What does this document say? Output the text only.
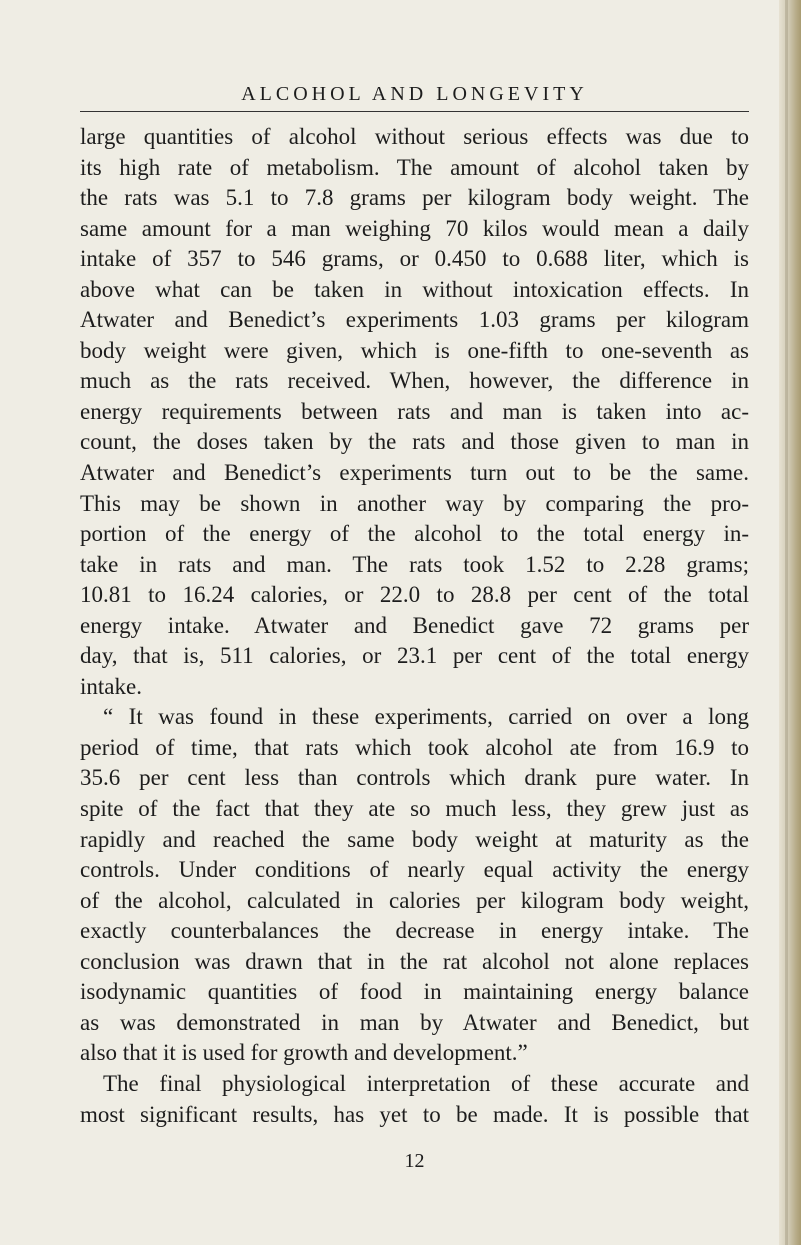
ALCOHOL AND LONGEVITY
large quantities of alcohol without serious effects was due to
its high rate of metabolism. The amount of alcohol taken by
the rats was 5.1 to 7.8 grams per kilogram body weight. The
same amount for a man weighing 70 kilos would mean a daily
intake of 357 to 546 grams, or 0.450 to 0.688 liter, which is
above what can be taken in without intoxication effects. In
Atwater and Benedict’s experiments 1.03 grams per kilogram
body weight were given, which is one-fifth to one-seventh as
much as the rats received. When, however, the difference in
energy requirements between rats and man is taken into ac-
count, the doses taken by the rats and those given to man in
Atwater and Benedict’s experiments turn out to be the same.
This may be shown in another way by comparing the pro-
portion of the energy of the alcohol to the total energy in-
take in rats and man. The rats took 1.52 to 2.28 grams;
10.81 to 16.24 calories, or 22.0 to 28.8 per cent of the total
energy intake. Atwater and Benedict gave 72 grams per
day, that is, 511 calories, or 23.1 per cent of the total energy
intake.
“ It was found in these experiments, carried on over a long
period of time, that rats which took alcohol ate from 16.9 to
35.6 per cent less than controls which drank pure water. In
spite of the fact that they ate so much less, they grew just as
rapidly and reached the same body weight at maturity as the
controls. Under conditions of nearly equal activity the energy
of the alcohol, calculated in calories per kilogram body weight,
exactly counterbalances the decrease in energy intake. The
conclusion was drawn that in the rat alcohol not alone replaces
isodynamic quantities of food in maintaining energy balance
as was demonstrated in man by Atwater and Benedict, but
also that it is used for growth and development.”
The final physiological interpretation of these accurate and
most significant results, has yet to be made. It is possible that
12
